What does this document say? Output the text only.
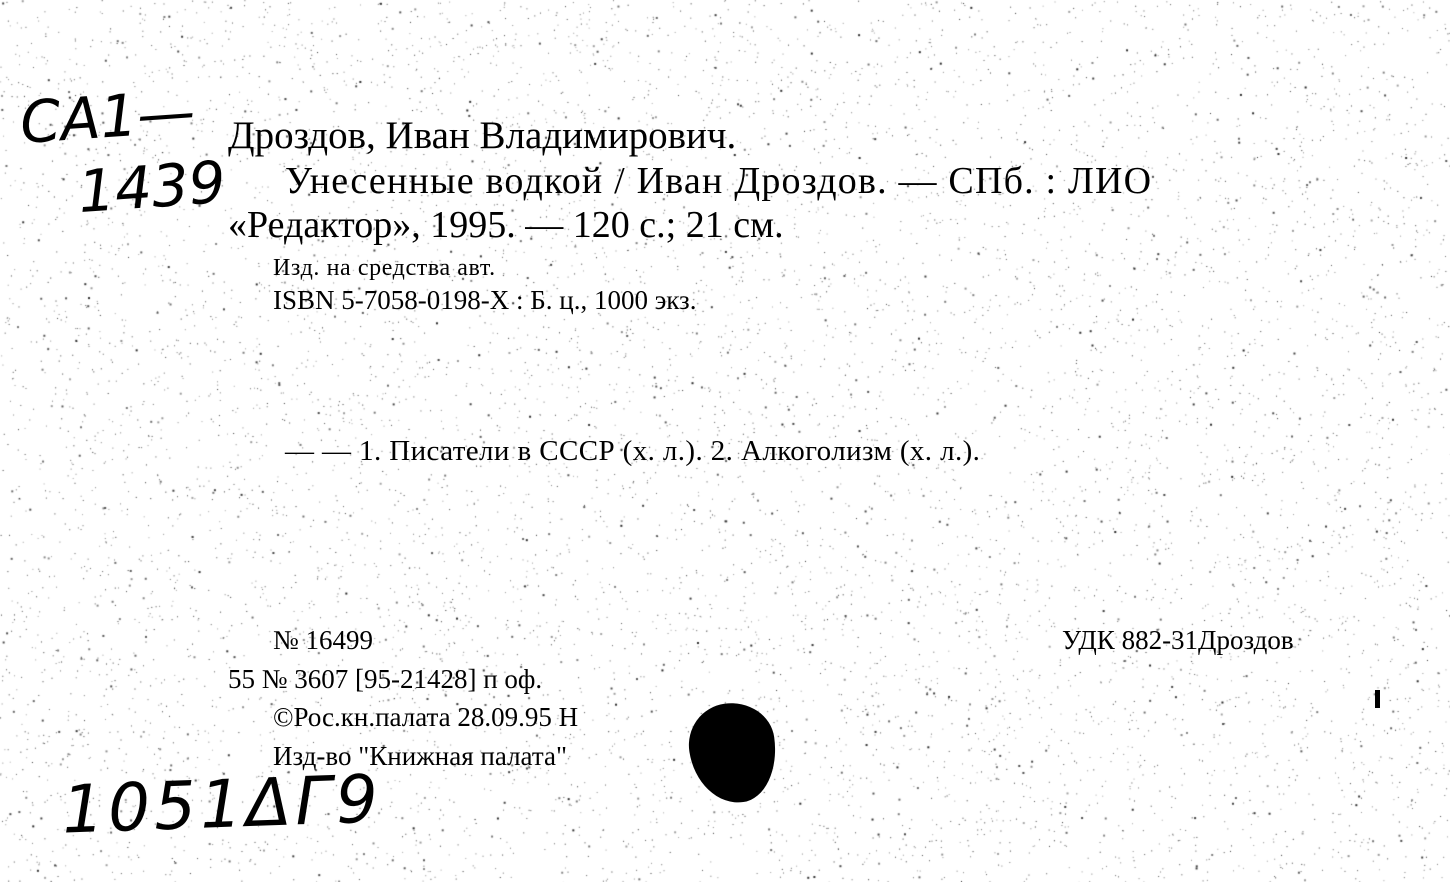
CA1—
1439
Дроздов, Иван Владимирович.
Унесенные водкой / Иван Дроздов. — СПб. : ЛИО
«Редактор», 1995. — 120 с.; 21 см.
Изд. на средства авт.
ISBN 5-7058-0198-X : Б. ц., 1000 экз.
— — 1. Писатели в СССР (х. л.). 2. Алкоголизм (х. л.).
№ 16499
55 № 3607 [95-21428] п оф.
©Рос.кн.палата 28.09.95 Н
Изд-во "Книжная палата"
УДК 882-31Дроздов
1051ΔГ9
